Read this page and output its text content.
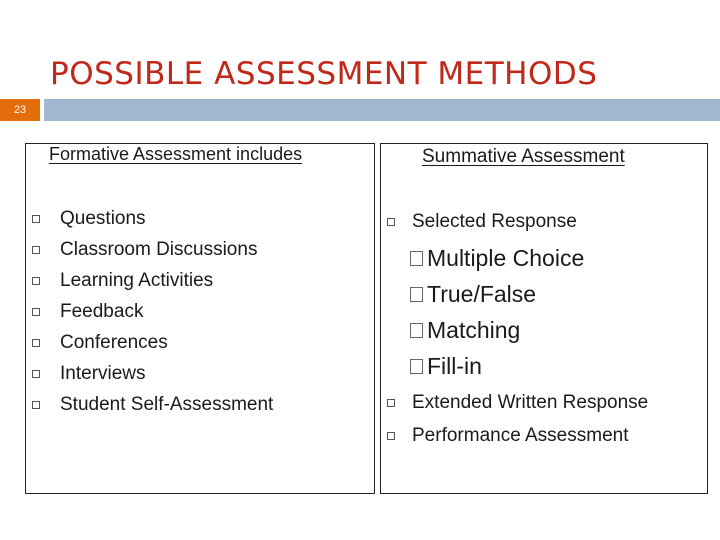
POSSIBLE ASSESSMENT METHODS
23
Formative Assessment includes	Summative Assessment
Questions
Classroom Discussions
Learning Activities
Feedback
Conferences
Interviews
Student Self-Assessment
Selected Response
Multiple Choice
True/False
Matching
Fill-in
Extended Written Response
Performance Assessment
